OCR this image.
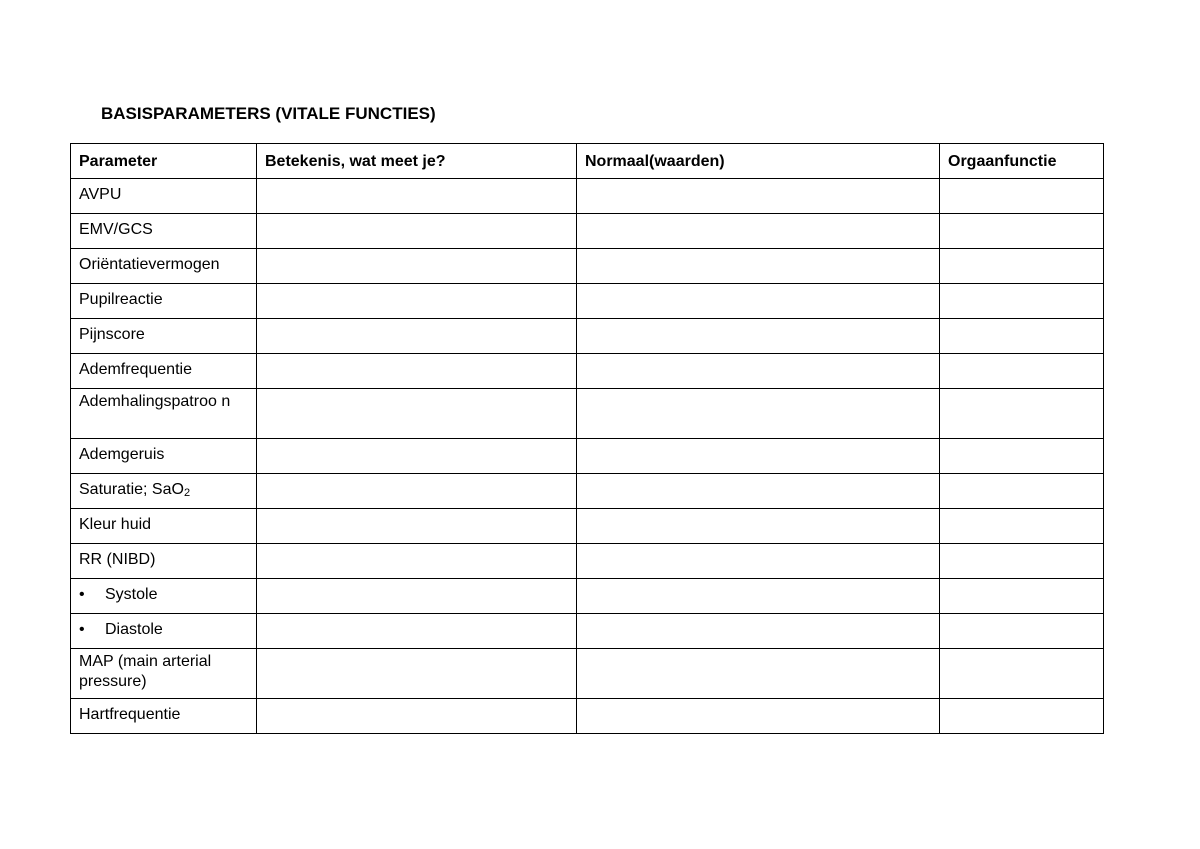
BASISPARAMETERS (VITALE FUNCTIES)
Parameter	Betekenis, wat meet je?	Normaal(waarden)	Orgaanfunctie
AVPU			
EMV/GCS			
Oriëntatievermogen			
Pupilreactie			
Pijnscore			
Ademfrequentie			
Ademhalingspatroo n			
Ademgeruis			
Saturatie; SaO$_2$			
Kleur huid			
RR (NIBD)			
• Systole			
• Diastole			
MAP (main arterial pressure)			
Hartfrequentie			
